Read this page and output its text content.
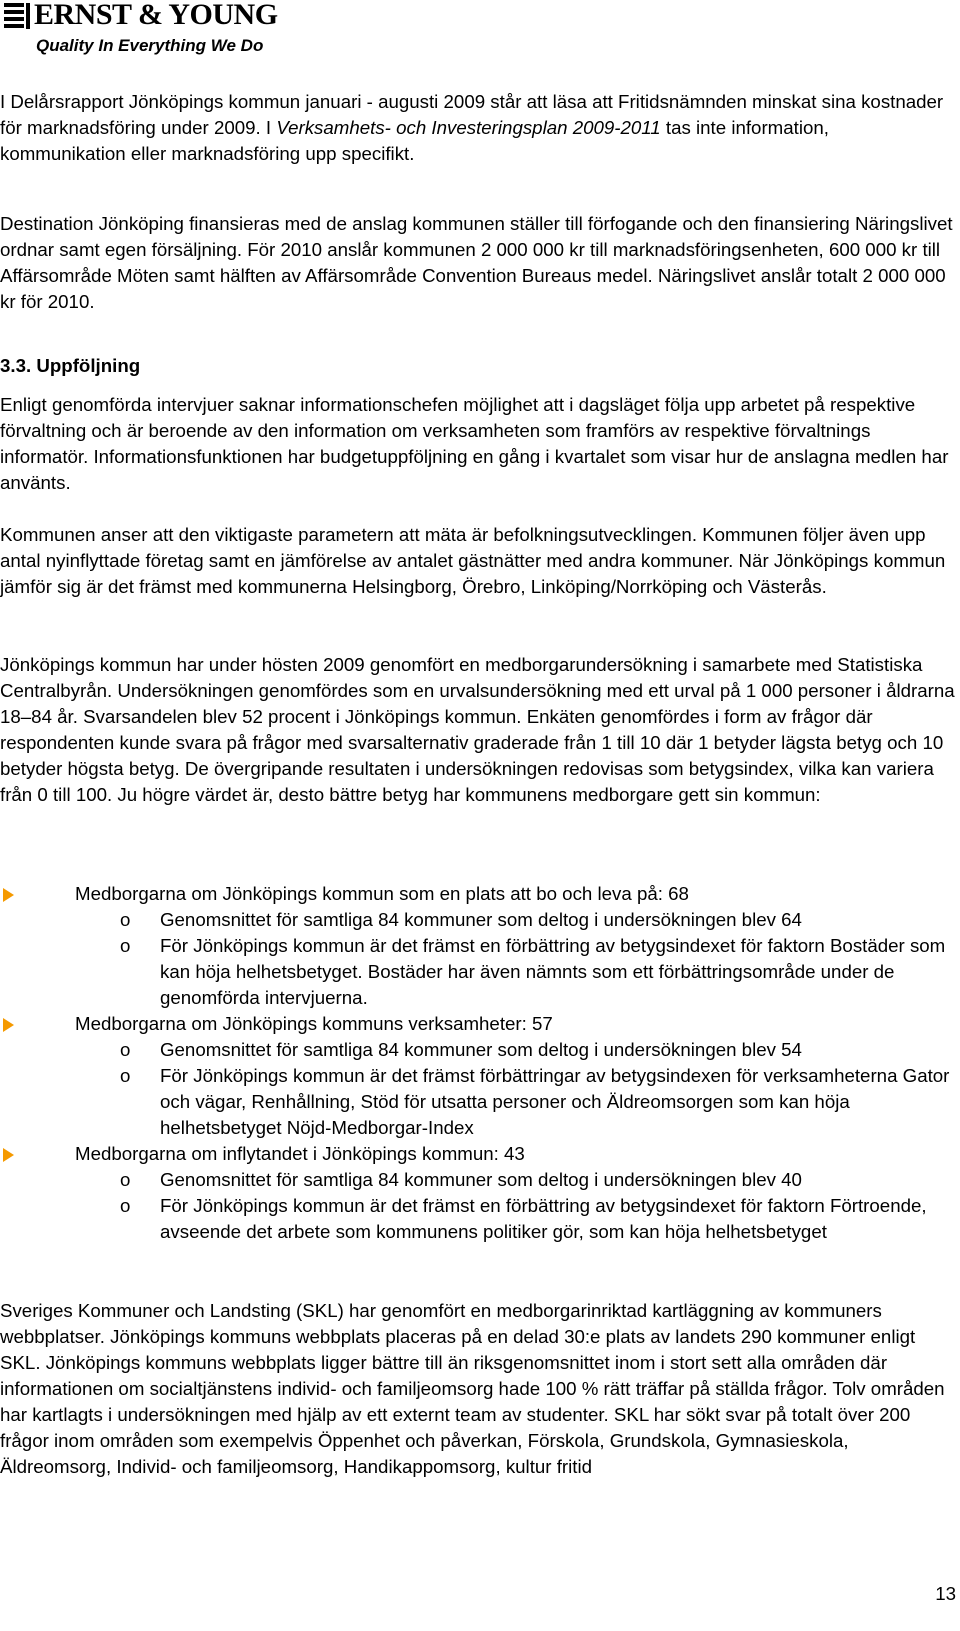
ERNST & YOUNG
Quality In Everything We Do

I Delårsrapport Jönköpings kommun januari - augusti 2009 står att läsa att Fritidsnämnden minskat sina kostnader för marknadsföring under 2009. I Verksamhets- och Investeringsplan 2009-2011 tas inte information, kommunikation eller marknadsföring upp specifikt.

Destination Jönköping finansieras med de anslag kommunen ställer till förfogande och den finansiering Näringslivet ordnar samt egen försäljning. För 2010 anslår kommunen 2 000 000 kr till marknadsföringsenheten, 600 000 kr till Affärsområde Möten samt hälften av Affärsområde Convention Bureaus medel. Näringslivet anslår totalt 2 000 000 kr för 2010.

3.3. Uppföljning

Enligt genomförda intervjuer saknar informationschefen möjlighet att i dagsläget följa upp arbetet på respektive förvaltning och är beroende av den information om verksamheten som framförs av respektive förvaltnings informatör. Informationsfunktionen har budgetuppföljning en gång i kvartalet som visar hur de anslagna medlen har använts.

Kommunen anser att den viktigaste parametern att mäta är befolkningsutvecklingen. Kommunen följer även upp antal nyinflyttade företag samt en jämförelse av antalet gästnätter med andra kommuner. När Jönköpings kommun jämför sig är det främst med kommunerna Helsingborg, Örebro, Linköping/Norrköping och Västerås.

Jönköpings kommun har under hösten 2009 genomfört en medborgarundersökning i samarbete med Statistiska Centralbyrån. Undersökningen genomfördes som en urvalsundersökning med ett urval på 1 000 personer i åldrarna 18–84 år. Svarsandelen blev 52 procent i Jönköpings kommun. Enkäten genomfördes i form av frågor där respondenten kunde svara på frågor med svarsalternativ graderade från 1 till 10 där 1 betyder lägsta betyg och 10 betyder högsta betyg. De övergripande resultaten i undersökningen redovisas som betygsindex, vilka kan variera från 0 till 100. Ju högre värdet är, desto bättre betyg har kommunens medborgare gett sin kommun:

Medborgarna om Jönköpings kommun som en plats att bo och leva på: 68
o Genomsnittet för samtliga 84 kommuner som deltog i undersökningen blev 64
o För Jönköpings kommun är det främst en förbättring av betygsindexet för faktorn Bostäder som kan höja helhetsbetyget. Bostäder har även nämnts som ett förbättringsområde under de genomförda intervjuerna.
Medborgarna om Jönköpings kommuns verksamheter: 57
o Genomsnittet för samtliga 84 kommuner som deltog i undersökningen blev 54
o För Jönköpings kommun är det främst förbättringar av betygsindexen för verksamheterna Gator och vägar, Renhållning, Stöd för utsatta personer och Äldreomsorgen som kan höja helhetsbetyget Nöjd-Medborgar-Index
Medborgarna om inflytandet i Jönköpings kommun: 43
o Genomsnittet för samtliga 84 kommuner som deltog i undersökningen blev 40
o För Jönköpings kommun är det främst en förbättring av betygsindexet för faktorn Förtroende, avseende det arbete som kommunens politiker gör, som kan höja helhetsbetyget

Sveriges Kommuner och Landsting (SKL) har genomfört en medborgarinriktad kartläggning av kommuners webbplatser. Jönköpings kommuns webbplats placeras på en delad 30:e plats av landets 290 kommuner enligt SKL. Jönköpings kommuns webbplats ligger bättre till än riksgenomsnittet inom i stort sett alla områden där informationen om socialtjänstens individ- och familjeomsorg hade 100 % rätt träffar på ställda frågor. Tolv områden har kartlagts i undersökningen med hjälp av ett externt team av studenter. SKL har sökt svar på totalt över 200 frågor inom områden som exempelvis Öppenhet och påverkan, Förskola, Grundskola, Gymnasieskola, Äldreomsorg, Individ- och familjeomsorg, Handikappomsorg, kultur fritid

13
